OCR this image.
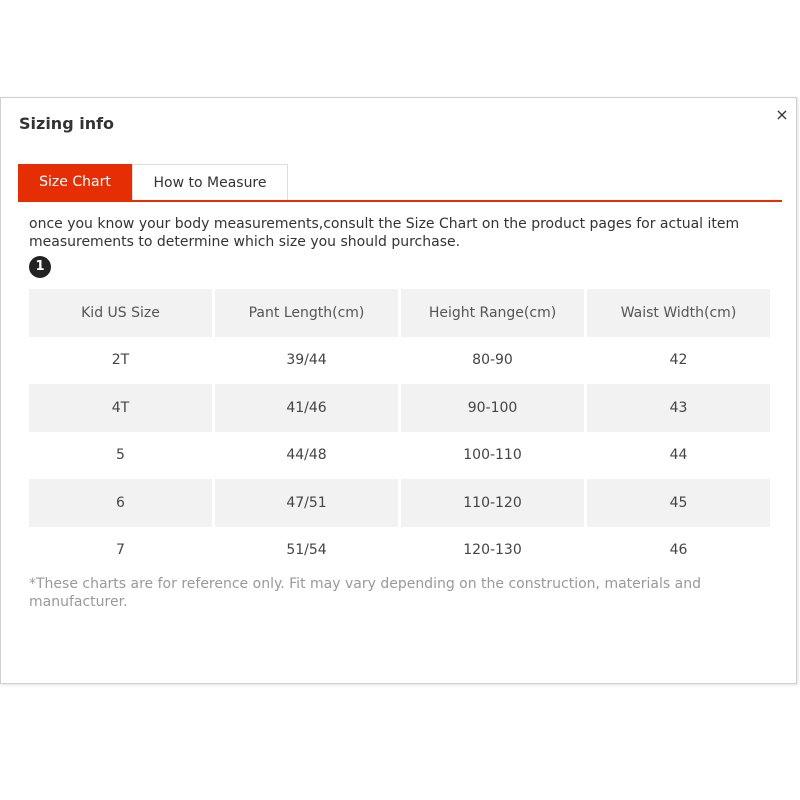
Sizing info	×
Size Chart	How to Measure
once you know your body measurements,consult the Size Chart on the product pages for actual item measurements to determine which size you should purchase.
1
Kid US Size	Pant Length(cm)	Height Range(cm)	Waist Width(cm)
2T	39/44	80-90	42
4T	41/46	90-100	43
5	44/48	100-110	44
6	47/51	110-120	45
7	51/54	120-130	46
*These charts are for reference only. Fit may vary depending on the construction, materials and manufacturer.
